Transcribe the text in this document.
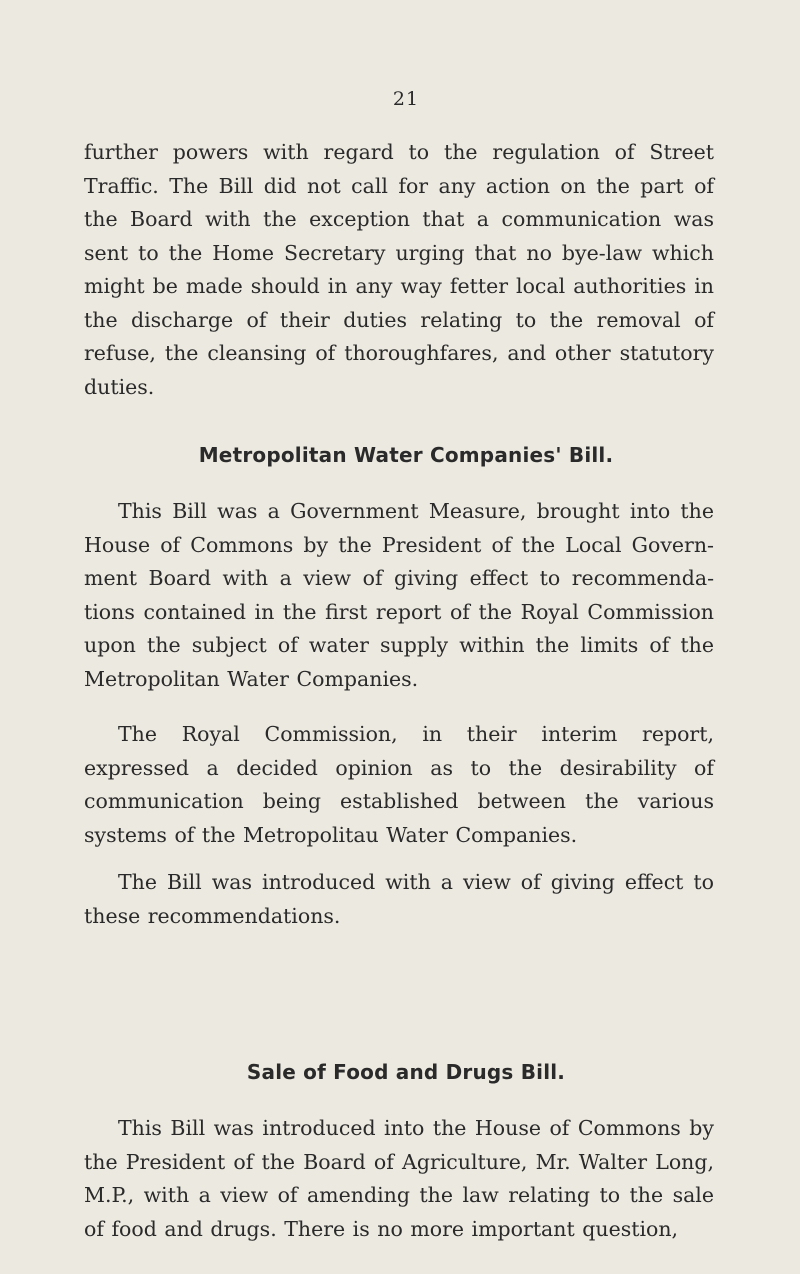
21

further powers with regard to the regulation of Street Traffic. The Bill did not call for any action on the part of the Board with the exception that a communication was sent to the Home Secretary urging that no bye-law which might be made should in any way fetter local authorities in the discharge of their duties relating to the removal of refuse, the cleansing of thoroughfares, and other statutory duties.

Metropolitan Water Companies' Bill.

This Bill was a Government Measure, brought into the House of Commons by the President of the Local Govern-ment Board with a view of giving effect to recommenda-tions contained in the first report of the Royal Commission upon the subject of water supply within the limits of the Metropolitan Water Companies.

The Royal Commission, in their interim report, expressed a decided opinion as to the desirability of communication being established between the various systems of the Metropolitau Water Companies.

The Bill was introduced with a view of giving effect to these recommendations.

Sale of Food and Drugs Bill.

This Bill was introduced into the House of Commons by the President of the Board of Agriculture, Mr. Walter Long, M.P., with a view of amending the law relating to the sale of food and drugs. There is no more important question,
